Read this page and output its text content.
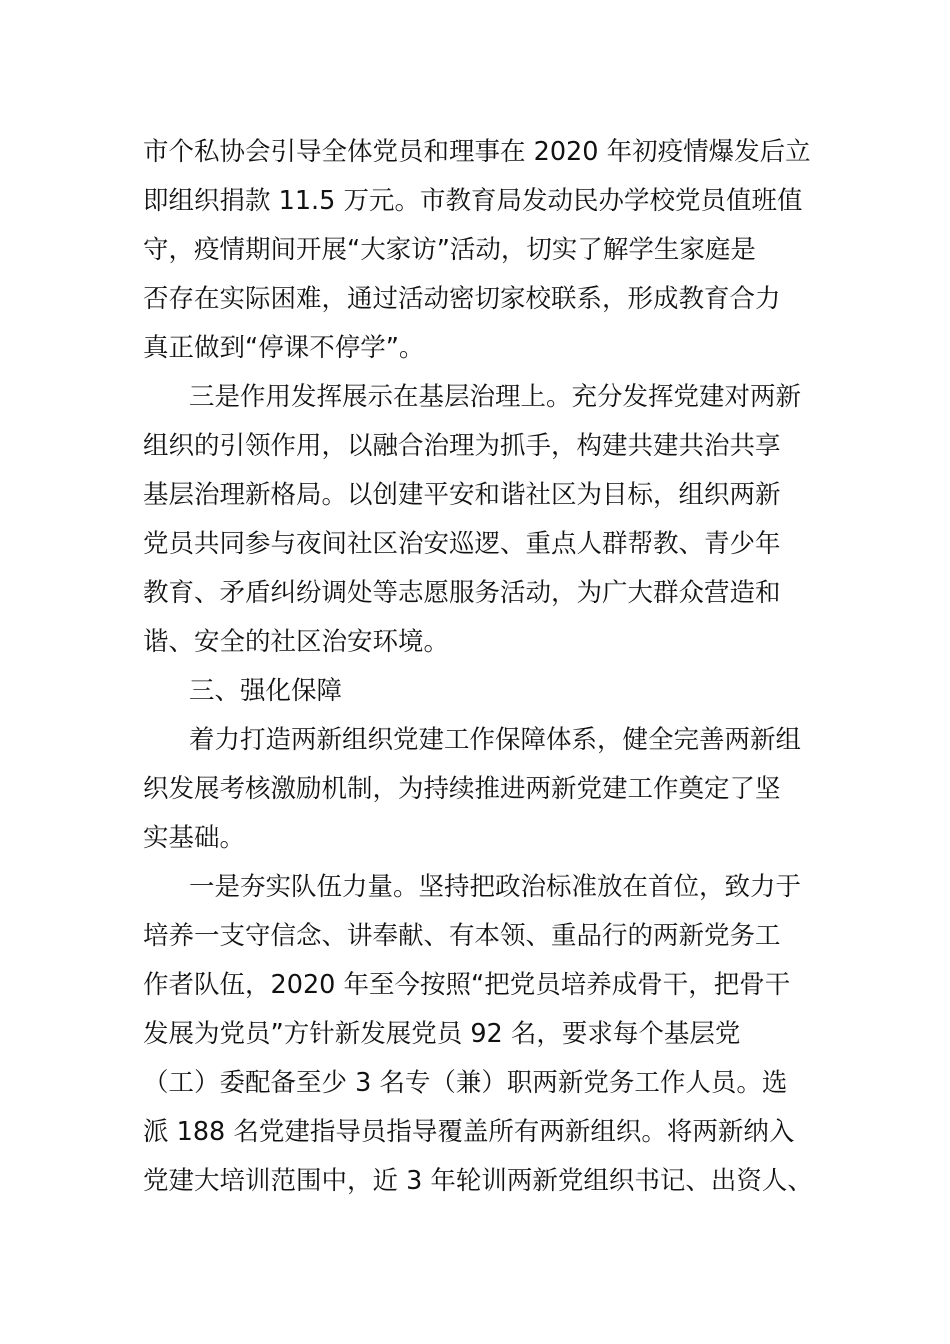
市个私协会引导全体党员和理事在 2020 年初疫情爆发后立
即组织捐款 11.5 万元。市教育局发动民办学校党员值班值
守，疫情期间开展“大家访”活动，切实了解学生家庭是
否存在实际困难，通过活动密切家校联系，形成教育合力
真正做到“停课不停学”。
三是作用发挥展示在基层治理上。充分发挥党建对两新
组织的引领作用，以融合治理为抓手，构建共建共治共享
基层治理新格局。以创建平安和谐社区为目标，组织两新
党员共同参与夜间社区治安巡逻、重点人群帮教、青少年
教育、矛盾纠纷调处等志愿服务活动，为广大群众营造和
谐、安全的社区治安环境。
三、强化保障
着力打造两新组织党建工作保障体系，健全完善两新组
织发展考核激励机制，为持续推进两新党建工作奠定了坚
实基础。
一是夯实队伍力量。坚持把政治标准放在首位，致力于
培养一支守信念、讲奉献、有本领、重品行的两新党务工
作者队伍，2020 年至今按照“把党员培养成骨干，把骨干
发展为党员”方针新发展党员 92 名，要求每个基层党
（工）委配备至少 3 名专（兼）职两新党务工作人员。选
派 188 名党建指导员指导覆盖所有两新组织。将两新纳入
党建大培训范围中，近 3 年轮训两新党组织书记、出资人、
